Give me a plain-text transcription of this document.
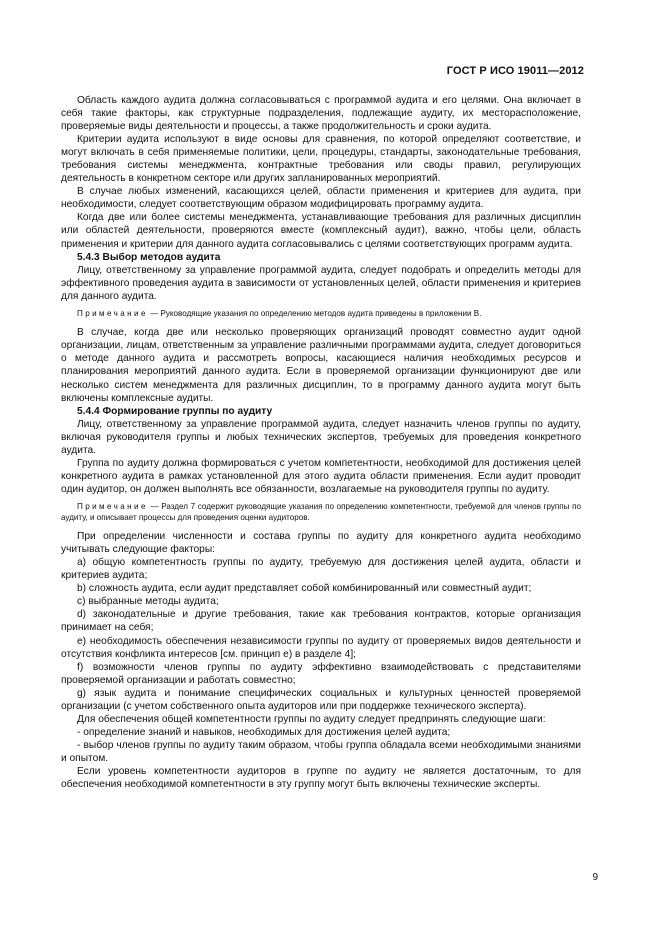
ГОСТ Р ИСО 19011—2012

Область каждого аудита должна согласовываться с программой аудита и его целями. Она включает в себя такие факторы, как структурные подразделения, подлежащие аудиту, их месторасположение, проверяемые виды деятельности и процессы, а также продолжительность и сроки аудита.

Критерии аудита используют в виде основы для сравнения, по которой определяют соответствие, и могут включать в себя применяемые политики, цели, процедуры, стандарты, законодательные требования, требования системы менеджмента, контрактные требования или своды правил, регулирующих деятельность в конкретном секторе или других запланированных мероприятий.

В случае любых изменений, касающихся целей, области применения и критериев для аудита, при необходимости, следует соответствующим образом модифицировать программу аудита.

Когда две или более системы менеджмента, устанавливающие требования для различных дисциплин или областей деятельности, проверяются вместе (комплексный аудит), важно, чтобы цели, область применения и критерии для данного аудита согласовывались с целями соответствующих программ аудита.

5.4.3 Выбор методов аудита

Лицу, ответственному за управление программой аудита, следует подобрать и определить методы для эффективного проведения аудита в зависимости от установленных целей, области применения и критериев для данного аудита.

Примечание — Руководящие указания по определению методов аудита приведены в приложении В.

В случае, когда две или несколько проверяющих организаций проводят совместно аудит одной организации, лицам, ответственным за управление различными программами аудита, следует договориться о методе данного аудита и рассмотреть вопросы, касающиеся наличия необходимых ресурсов и планирования мероприятий данного аудита. Если в проверяемой организации функционируют две или несколько систем менеджмента для различных дисциплин, то в программу данного аудита могут быть включены комплексные аудиты.

5.4.4 Формирование группы по аудиту

Лицу, ответственному за управление программой аудита, следует назначить членов группы по аудиту, включая руководителя группы и любых технических экспертов, требуемых для проведения конкретного аудита.

Группа по аудиту должна формироваться с учетом компетентности, необходимой для достижения целей конкретного аудита в рамках установленной для этого аудита области применения. Если аудит проводит один аудитор, он должен выполнять все обязанности, возлагаемые на руководителя группы по аудиту.

Примечание — Раздел 7 содержит руководящие указания по определению компетентности, требуемой для членов группы по аудиту, и описывает процессы для проведения оценки аудиторов.

При определении численности и состава группы по аудиту для конкретного аудита необходимо учитывать следующие факторы:

a) общую компетентность группы по аудиту, требуемую для достижения целей аудита, области и критериев аудита;

b) сложность аудита, если аудит представляет собой комбинированный или совместный аудит;

c) выбранные методы аудита;

d) законодательные и другие требования, такие как требования контрактов, которые организация принимает на себя;

e) необходимость обеспечения независимости группы по аудиту от проверяемых видов деятельности и отсутствия конфликта интересов [см. принцип е) в разделе 4];

f) возможности членов группы по аудиту эффективно взаимодействовать с представителями проверяемой организации и работать совместно;

g) язык аудита и понимание специфических социальных и культурных ценностей проверяемой организации (с учетом собственного опыта аудиторов или при поддержке технического эксперта).

Для обеспечения общей компетентности группы по аудиту следует предпринять следующие шаги:

- определение знаний и навыков, необходимых для достижения целей аудита;

- выбор членов группы по аудиту таким образом, чтобы группа обладала всеми необходимыми знаниями и опытом.

Если уровень компетентности аудиторов в группе по аудиту не является достаточным, то для обеспечения необходимой компетентности в эту группу могут быть включены технические эксперты.

9
